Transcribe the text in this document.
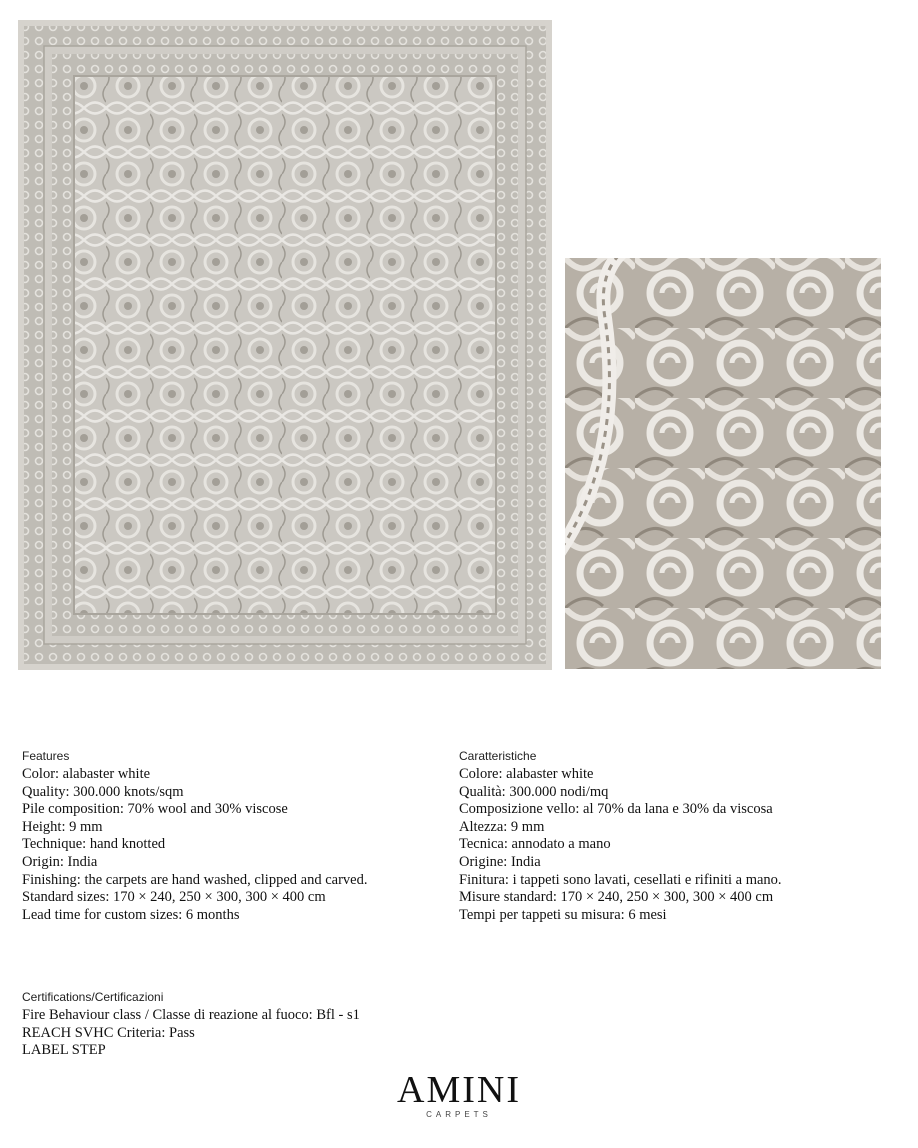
Features
Color: alabaster white
Quality: 300.000 knots/sqm
Pile composition: 70% wool and 30% viscose
Height: 9 mm
Technique: hand knotted
Origin: India
Finishing: the carpets are hand washed, clipped and carved.
Standard sizes: 170 × 240, 250 × 300, 300 × 400 cm
Lead time for custom sizes: 6 months
Caratteristiche
Colore: alabaster white
Qualità: 300.000 nodi/mq
Composizione vello: al 70% da lana e 30% da viscosa
Altezza: 9 mm
Tecnica: annodato a mano
Origine: India
Finitura: i tappeti sono lavati, cesellati e rifiniti a mano.
Misure standard: 170 × 240, 250 × 300, 300 × 400 cm
Tempi per tappeti su misura: 6 mesi
Certifications/Certificazioni
Fire Behaviour class / Classe di reazione al fuoco: Bfl - s1
REACH SVHC Criteria: Pass
LABEL STEP
AMINI
CARPETS
